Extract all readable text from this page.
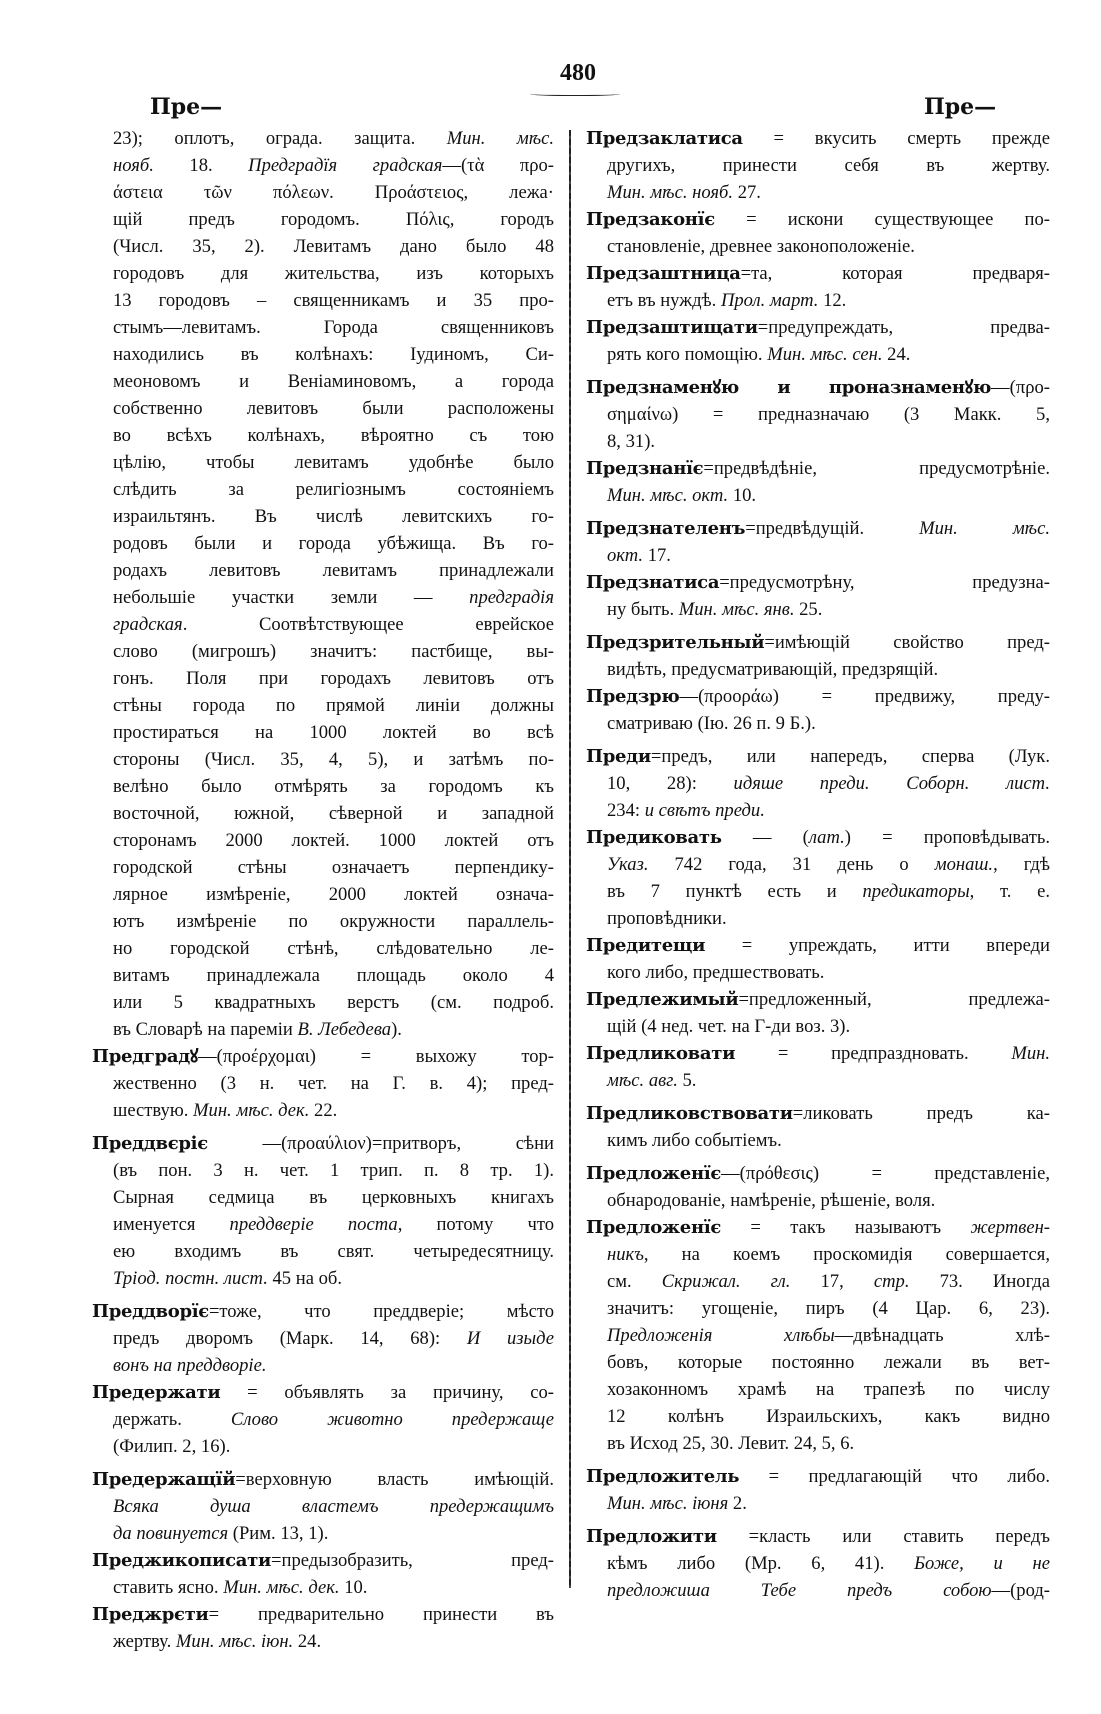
480
Пре—	Пре—
23); оплотъ, ограда. защита. Мин. мѣс.
нояб. 18. Предградїя градская—(τὰ προ-
άστεια τῶν πόλεων. Προάστειος, лежа·
щій предъ городомъ. Πόλις, городъ
(Числ. 35, 2). Левитамъ дано было 48
городовъ для жительства, изъ которыхъ
13 городовъ – священникамъ и 35 про-
стымъ—левитамъ. Города священниковъ
находились въ колѣнахъ: Іудиномъ, Си-
меоновомъ и Веніаминовомъ, а города
собственно левитовъ были расположены
во всѣхъ колѣнахъ, вѣроятно съ тою
цѣлію, чтобы левитамъ удобнѣе было
слѣдить за религіознымъ состояніемъ
израильтянъ. Въ числѣ левитскихъ го-
родовъ были и города убѣжища. Въ го-
родахъ левитовъ левитамъ принадлежали
небольшіе участки земли — предградія
градская. Соотвѣтствующее еврейское
слово (мигрошъ) значитъ: пастбище, вы-
гонъ. Поля при городахъ левитовъ отъ
стѣны города по прямой линіи должны
простираться на 1000 локтей во всѣ
стороны (Числ. 35, 4, 5), и затѣмъ по-
велѣно было отмѣрять за городомъ къ
восточной, южной, сѣверной и западной
сторонамъ 2000 локтей. 1000 локтей отъ
городской стѣны означаетъ перпендику-
лярное измѣреніе, 2000 локтей означа-
ютъ измѣреніе по окружности параллель-
но городской стѣнѣ, слѣдовательно ле-
витамъ принадлежала площадь около 4
или 5 квадратныхъ верстъ (см. подроб.
въ Словарѣ на пареміи В. Лебедева).
Предградꙋ—(προέρχομαι) = выхожу тор-
жественно (3 н. чет. на Г. в. 4); пред-
шествую. Мин. мѣс. дек. 22.
Преддвєріє —(προαύλιον)=притворъ, сѣни
(въ пон. 3 н. чет. 1 трип. п. 8 тр. 1).
Сырная седмица въ церковныхъ книгахъ
именуется преддверіе поста, потому что
ею входимъ въ свят. четыредесятницу.
Тріод. постн. лист. 45 на об.
Преддворїє=тоже, что преддверіе; мѣсто
предъ дворомъ (Марк. 14, 68): И изыде
вонъ на преддворіе.
Предержати = объявлять за причину, со-
держать. Слово животно предержаще
(Филип. 2, 16).
Предержащїй=верховную власть имѣющій.
Всяка душа властемъ предержащимъ
да повинуется (Рим. 13, 1).
Преджикописати=предызобразить, пред-
ставить ясно. Мин. мѣс. дек. 10.
Преджрєти= предварительно принести въ
жертву. Мин. мѣс. іюн. 24.
Предзаклатиса = вкусить смерть прежде
другихъ, принести себя въ жертву.
Мин. мѣс. нояб. 27.
Предзаконїє = искони существующее по-
становленіе, древнее законоположеніе.
Предзаштница=та, которая предваря-
етъ въ нуждѣ. Прол. март. 12.
Предзаштищати=предупреждать, предва-
рять кого помощію. Мин. мѣс. сен. 24.
Предзнаменꙋю и проназнаменꙋю—(προ-
σημαίνω) = предназначаю (3 Макк. 5,
8, 31).
Предзнанїє=предвѣдѣніе, предусмотрѣніе.
Мин. мѣс. окт. 10.
Предзнателенъ=предвѣдущій. Мин. мѣс.
окт. 17.
Предзнатиса=предусмотрѣну, предузна-
ну быть. Мин. мѣс. янв. 25.
Предзрительный=имѣющій свойство пред-
видѣть, предусматривающій, предзрящій.
Предзрю—(προοράω) = предвижу, преду-
сматриваю (Ію. 26 п. 9 Б.).
Преди=предъ, или напередъ, сперва (Лук.
10, 28): идяше преди. Соборн. лист.
234: и свѣтъ преди.
Предиковать — (лат.) = проповѣдывать.
Указ. 742 года, 31 день о монаш., гдѣ
въ 7 пунктѣ есть и предикаторы, т. е.
проповѣдники.
Предитещи = упреждать, итти впереди
кого либо, предшествовать.
Предлежимый=предложенный, предлежа-
щій (4 нед. чет. на Г-ди воз. 3).
Предликовати = предпраздновать. Мин.
мѣс. авг. 5.
Предликовствовати=ликовать предъ ка-
кимъ либо событіемъ.
Предложенїє—(πρόθεσις) = представленіе,
обнародованіе, намѣреніе, рѣшеніе, воля.
Предложенїє = такъ называютъ жертвен-
никъ, на коемъ проскомидія совершается,
см. Скрижал. гл. 17, стр. 73. Иногда
значитъ: угощеніе, пиръ (4 Цар. 6, 23).
Предложенія хлѣбы—двѣнадцать хлѣ-
бовъ, которые постоянно лежали въ вет-
хозаконномъ храмѣ на трапезѣ по числу
12 колѣнъ Израильскихъ, какъ видно
въ Исход 25, 30. Левит. 24, 5, 6.
Предложитель = предлагающій что либо.
Мин. мѣс. іюня 2.
Предложити =класть или ставить передъ
кѣмъ либо (Мр. 6, 41). Боже, и не
предложиша Тебе предъ собою—(род-
